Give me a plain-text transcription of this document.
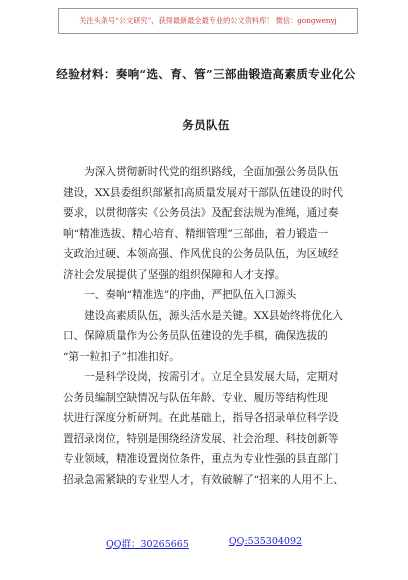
关注头条号“公文研究”，获得最新最全最专业的公文资料库！ 微信：gongwenyj
经验材料：奏响“选、育、管”三部曲锻造高素质专业化公
务员队伍
　　为深入贯彻新时代党的组织路线，全面加强公务员队伍
建设，XX县委组织部紧扣高质量发展对干部队伍建设的时代
要求，以贯彻落实《公务员法》及配套法规为准绳，通过奏
响“精准选拔、精心培育、精细管理”三部曲，着力锻造一
支政治过硬、本领高强、作风优良的公务员队伍，为区域经
济社会发展提供了坚强的组织保障和人才支撑。
　　一、奏响“精准选”的序曲，严把队伍入口源头
　　建设高素质队伍，源头活水是关键。XX县始终将优化入
口、保障质量作为公务员队伍建设的先手棋，确保选拔的
“第一粒扣子”扣准扣好。
　　一是科学设岗，按需引才。立足全县发展大局，定期对
公务员编制空缺情况与队伍年龄、专业、履历等结构性现
状进行深度分析研判。在此基础上，指导各招录单位科学设
置招录岗位，特别是围绕经济发展、社会治理、科技创新等
专业领域，精准设置岗位条件，重点为专业性强的县直部门
招录急需紧缺的专业型人才，有效破解了“招来的人用不上、
QQ群：30265665	QQ:535304092
